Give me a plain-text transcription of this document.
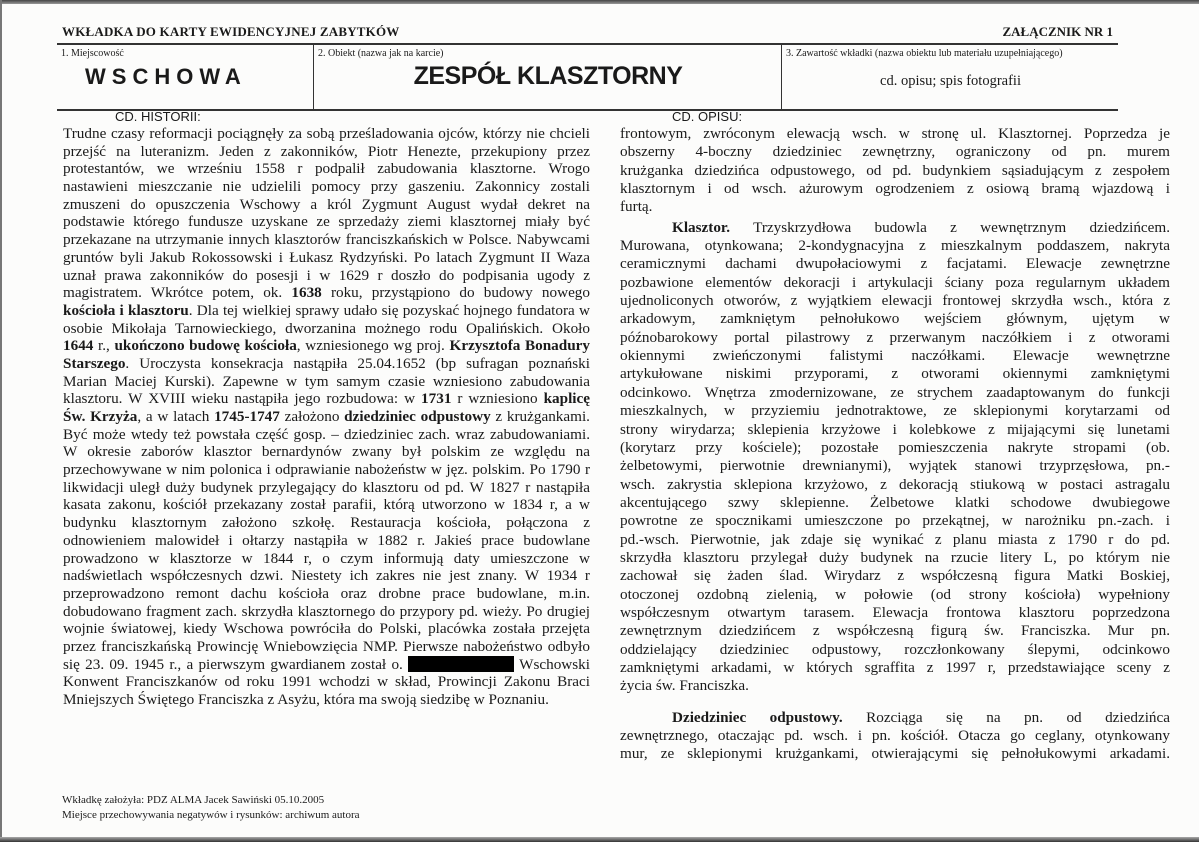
WKŁADKA DO KARTY EWIDENCYJNEJ ZABYTKÓW	ZAŁĄCZNIK NR 1
1. Miejscowość
WSCHOWA
2. Obiekt (nazwa jak na karcie)
ZESPÓŁ KLASZTORNY
3. Zawartość wkładki (nazwa obiektu lub materiału uzupełniającego)
cd. opisu; spis fotografii
CD. HISTORII:	CD. OPISU:
Trudne czasy reformacji pociągnęły za sobą prześladowania ojców, którzy nie chcieli
przejść na luteranizm. Jeden z zakonników, Piotr Henezte, przekupiony przez
protestantów, we wrześniu 1558 r podpalił zabudowania klasztorne. Wrogo
nastawieni mieszczanie nie udzielili pomocy przy gaszeniu. Zakonnicy zostali
zmuszeni do opuszczenia Wschowy a król Zygmunt August wydał dekret na
podstawie którego fundusze uzyskane ze sprzedaży ziemi klasztornej miały być
przekazane na utrzymanie innych klasztorów franciszkańskich w Polsce. Nabywcami
gruntów byli Jakub Rokossowski i Łukasz Rydzyński. Po latach Zygmunt II Waza
uznał prawa zakonników do posesji i w 1629 r doszło do podpisania ugody z
magistratem. Wkrótce potem, ok. 1638 roku, przystąpiono do budowy nowego
kościoła i klasztoru. Dla tej wielkiej sprawy udało się pozyskać hojnego fundatora w
osobie Mikołaja Tarnowieckiego, dworzanina możnego rodu Opalińskich. Około
1644 r., ukończono budowę kościoła, wzniesionego wg proj. Krzysztofa Bonadury
Starszego. Uroczysta konsekracja nastąpiła 25.04.1652 (bp sufragan poznański
Marian Maciej Kurski). Zapewne w tym samym czasie wzniesiono zabudowania
klasztoru. W XVIII wieku nastąpiła jego rozbudowa: w 1731 r wzniesiono kaplicę
Św. Krzyża, a w latach 1745-1747 założono dziedziniec odpustowy z krużgankami.
Być może wtedy też powstała część gosp. – dziedziniec zach. wraz zabudowaniami.
W okresie zaborów klasztor bernardynów zwany był polskim ze względu na
przechowywane w nim polonica i odprawianie nabożeństw w jęz. polskim. Po 1790 r
likwidacji uległ duży budynek przylegający do klasztoru od pd. W 1827 r nastąpiła
kasata zakonu, kościół przekazany został parafii, którą utworzono w 1834 r, a w
budynku klasztornym założono szkołę. Restauracja kościoła, połączona z
odnowieniem malowideł i ołtarzy nastąpiła w 1882 r. Jakieś prace budowlane
prowadzono w klasztorze w 1844 r, o czym informują daty umieszczone w
nadświetlach współczesnych dzwi. Niestety ich zakres nie jest znany. W 1934 r
przeprowadzono remont dachu kościoła oraz drobne prace budowlane, m.in.
dobudowano fragment zach. skrzydła klasztornego do przypory pd. wieży. Po drugiej
wojnie światowej, kiedy Wschowa powróciła do Polski, placówka została przejęta
przez franciszkańską Prowincję Wniebowzięcia NMP. Pierwsze nabożeństwo odbyło
się 23. 09. 1945 r., a pierwszym gwardianem został o.	Wschowski
Konwent Franciszkanów od roku 1991 wchodzi w skład, Prowincji Zakonu Braci
Mniejszych Świętego Franciszka z Asyżu, która ma swoją siedzibę w Poznaniu.
frontowym, zwróconym elewacją wsch. w stronę ul. Klasztornej. Poprzedza je
obszerny 4-boczny dziedziniec zewnętrzny, ograniczony od pn. murem
krużganka dziedzińca odpustowego, od pd. budynkiem sąsiadującym z zespołem
klasztornym i od wsch. ażurowym ogrodzeniem z osiową bramą wjazdową i
furtą.
Klasztor. Trzyskrzydłowa budowla z wewnętrznym dziedzińcem.
Murowana, otynkowana; 2-kondygnacyjna z mieszkalnym poddaszem, nakryta
ceramicznymi dachami dwupołaciowymi z facjatami. Elewacje zewnętrzne
pozbawione elementów dekoracji i artykulacji ściany poza regularnym układem
ujednoliconych otworów, z wyjątkiem elewacji frontowej skrzydła wsch., która z
arkadowym, zamkniętym pełnołukowo wejściem głównym, ujętym w
późnobarokowy portal pilastrowy z przerwanym naczółkiem i z otworami
okiennymi zwieńczonymi falistymi naczółkami. Elewacje wewnętrzne
artykułowane niskimi przyporami, z otworami okiennymi zamkniętymi
odcinkowo. Wnętrza zmodernizowane, ze strychem zaadaptowanym do funkcji
mieszkalnych, w przyziemiu jednotraktowe, ze sklepionymi korytarzami od
strony wirydarza; sklepienia krzyżowe i kolebkowe z mijającymi się lunetami
(korytarz przy kościele); pozostałe pomieszczenia nakryte stropami (ob.
żelbetowymi, pierwotnie drewnianymi), wyjątek stanowi trzyprzęsłowa, pn.-
wsch. zakrystia sklepiona krzyżowo, z dekoracją stiukową w postaci astragalu
akcentującego szwy sklepienne. Żelbetowe klatki schodowe dwubiegowe
powrotne ze spocznikami umieszczone po przekątnej, w narożniku pn.-zach. i
pd.-wsch. Pierwotnie, jak zdaje się wynikać z planu miasta z 1790 r do pd.
skrzydła klasztoru przylegał duży budynek na rzucie litery L, po którym nie
zachował się żaden ślad. Wirydarz z współczesną figura Matki Boskiej,
otoczonej ozdobną zielenią, w połowie (od strony kościoła) wypełniony
współczesnym otwartym tarasem. Elewacja frontowa klasztoru poprzedzona
zewnętrznym dziedzińcem z współczesną figurą św. Franciszka. Mur pn.
oddzielający dziedziniec odpustowy, rozczłonkowany ślepymi, odcinkowo
zamkniętymi arkadami, w których sgraffita z 1997 r, przedstawiające sceny z
życia św. Franciszka.
Dziedziniec odpustowy. Rozciąga się na pn. od dziedzińca
zewnętrznego, otaczając pd. wsch. i pn. kościół. Otacza go ceglany, otynkowany
mur, ze sklepionymi krużgankami, otwierającymi się pełnołukowymi arkadami.
Wkładkę założyła: PDZ ALMA Jacek Sawiński 05.10.2005
Miejsce przechowywania negatywów i rysunków: archiwum autora
